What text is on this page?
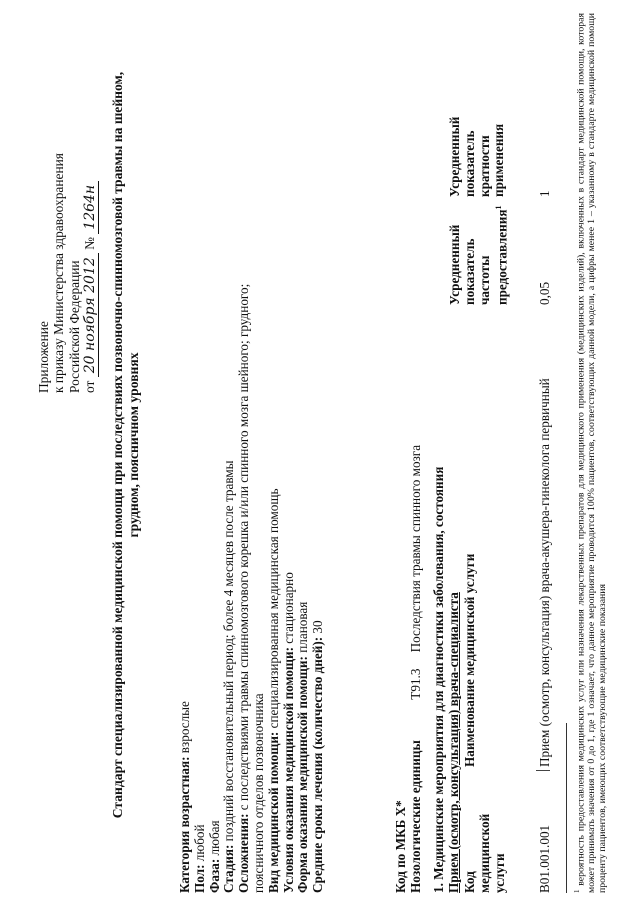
Приложение к приказу Министерства здравоохранения Российской Федерации от 20 ноября 2012 № 1264н Стандарт специализированной медицинской помощи при последствиях позвоночно-спинномозговой травмы на шейном, грудном, поясничном уровнях
Категория возрастная: взрослые
Пол: любой
Фаза: любая
Стадия: поздний восстановительный период; более 4 месяцев после травмы
Осложнения: с последствиями травмы спинномозгового корешка и/или спинного мозга шейного; грудного; поясничного отделов позвоночника Вид медицинской помощи: специализированная медицинская помощь
Условия оказания медицинской помощи: стационарно
Форма оказания медицинской помощи: плановая
Средние сроки лечения (количество дней): 30
Код по МКБ X* Нозологические единицы T91.3 Последствия травмы спинного мозга 1. Медицинские мероприятия для диагностики заболевания, состояния Прием (осмотр, консультация) врача-специалиста Код медицинской услуги
Наименование медицинской услуги
Усредненный показатель частоты предоставления$^1$
Усредненный показатель кратности применения
B01.001.001
Прием (осмотр, консультация) врача-акушера-гинеколога первичный
0,05
1
$^1$ вероятность предоставления медицинских услуг или назначения лекарственных препаратов для медицинского применения (медицинских изделий), включенных в стандарт медицинской помощи, которая может принимать значения от 0 до 1, где 1 означает, что данное мероприятие проводится 100% пациентов, соответствующих данной модели, а цифры менее 1 – указанному в стандарте медицинской помощи проценту пациентов, имеющих соответствующие медицинские показания
